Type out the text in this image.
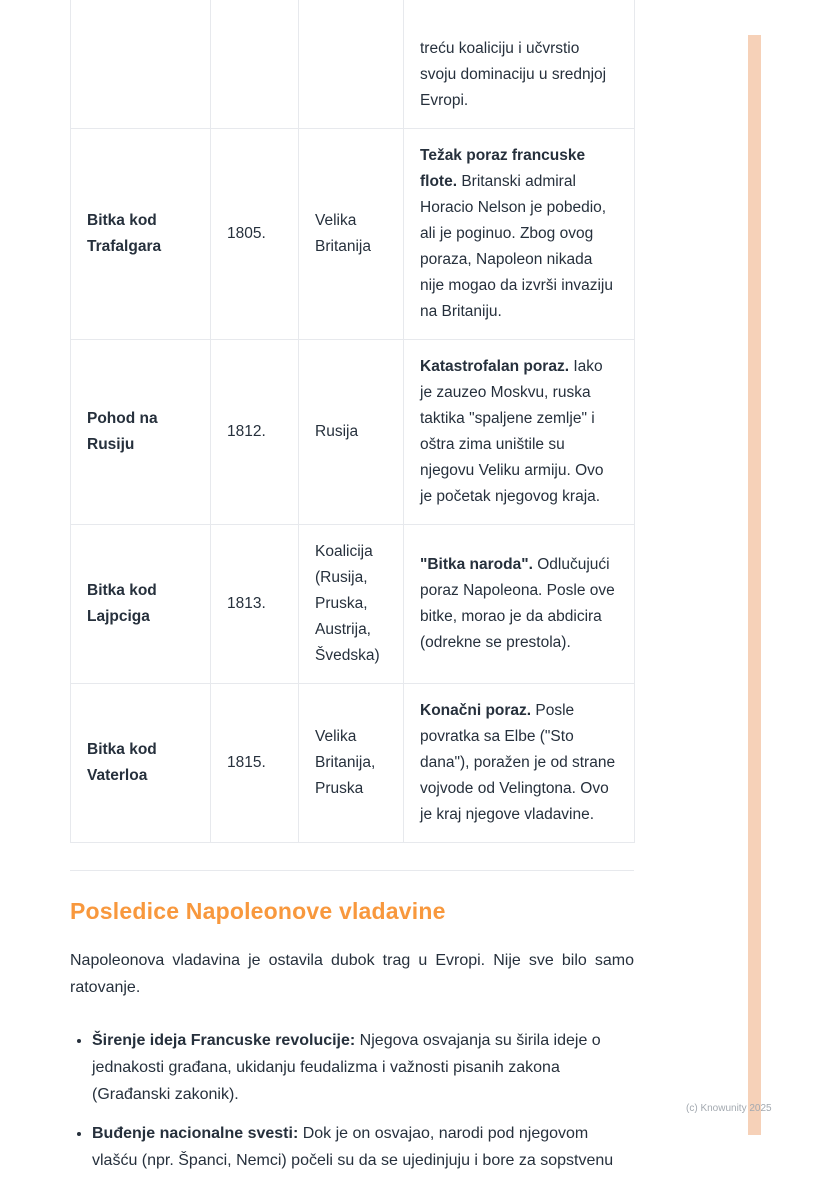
			treću koaliciju i učvrstio svoju dominaciju u srednjoj Evropi.
Bitka kod Trafalgara	1805.	Velika Britanija	Težak poraz francuske flote. Britanski admiral Horacio Nelson je pobedio, ali je poginuo. Zbog ovog poraza, Napoleon nikada nije mogao da izvrši invaziju na Britaniju.
Pohod na Rusiju	1812.	Rusija	Katastrofalan poraz. Iako je zauzeo Moskvu, ruska taktika "spaljene zemlje" i oštra zima uništile su njegovu Veliku armiju. Ovo je početak njegovog kraja.
Bitka kod Lajpciga	1813.	Koalicija (Rusija, Pruska, Austrija, Švedska)	"Bitka naroda". Odlučujući poraz Napoleona. Posle ove bitke, morao je da abdicira (odrekne se prestola).
Bitka kod Vaterloa	1815.	Velika Britanija, Pruska	Konačni poraz. Posle povratka sa Elbe ("Sto dana"), poražen je od strane vojvode od Velingtona. Ovo je kraj njegove vladavine.
Posledice Napoleonove vladavine

Napoleonova vladavina je ostavila dubok trag u Evropi. Nije sve bilo samo ratovanje.

• Širenje ideja Francuske revolucije: Njegova osvajanja su širila ideje o jednakosti građana, ukidanju feudalizma i važnosti pisanih zakona (Građanski zakonik).
• Buđenje nacionalne svesti: Dok je on osvajao, narodi pod njegovom vlašću (npr. Španci, Nemci) počeli su da se ujedinjuju i bore za sopstvenu
(c) Knowunity 2025
